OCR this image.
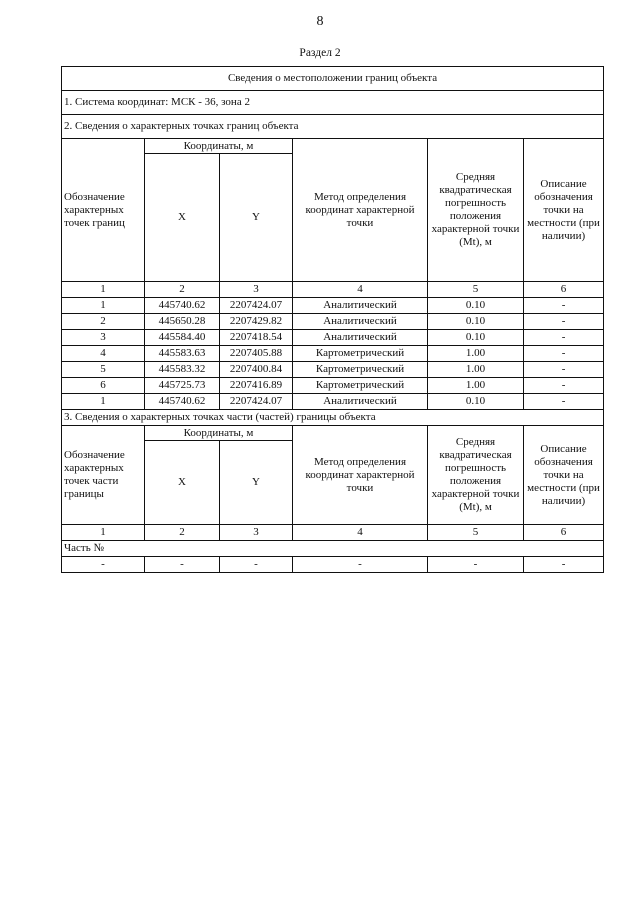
8
Раздел 2
Сведения о местоположении границ объекта					
1. Система координат: МСК - 36, зона 2					
2. Сведения о характерных точках границ объекта					
Обозначение характерных точек границ	Координаты, м		Метод определения координат характерной точки	Средняя квадратическая погрешность положения характерной точки (Mt), м	Описание обозначения точки на местности (при наличии)
	X	Y			
1	2	3	4	5	6
1	445740.62	2207424.07	Аналитический	0.10	-
2	445650.28	2207429.82	Аналитический	0.10	-
3	445584.40	2207418.54	Аналитический	0.10	-
4	445583.63	2207405.88	Картометрический	1.00	-
5	445583.32	2207400.84	Картометрический	1.00	-
6	445725.73	2207416.89	Картометрический	1.00	-
1	445740.62	2207424.07	Аналитический	0.10	-
3. Сведения о характерных точках части (частей) границы объекта					
Обозначение характерных точек части границы	Координаты, м		Метод определения координат характерной точки	Средняя квадратическая погрешность положения характерной точки (Mt), м	Описание обозначения точки на местности (при наличии)
	X	Y			
1	2	3	4	5	6
Часть №					
-	-	-	-	-	-
